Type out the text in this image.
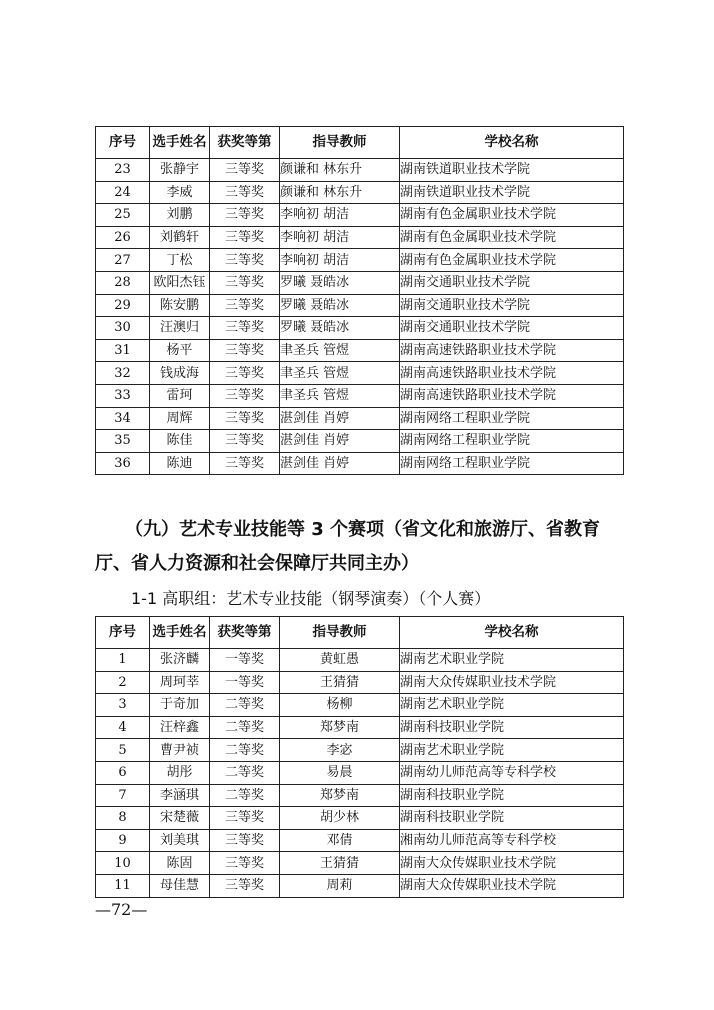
序号	选手姓名	获奖等第	指导教师	学校名称
23	张静宇	三等奖	颜谦和 林东升	湖南铁道职业技术学院
24	李威	三等奖	颜谦和 林东升	湖南铁道职业技术学院
25	刘鹏	三等奖	李响初 胡洁	湖南有色金属职业技术学院
26	刘鹤轩	三等奖	李响初 胡洁	湖南有色金属职业技术学院
27	丁松	三等奖	李响初 胡洁	湖南有色金属职业技术学院
28	欧阳杰钰	三等奖	罗曦 聂皓冰	湖南交通职业技术学院
29	陈安鹏	三等奖	罗曦 聂皓冰	湖南交通职业技术学院
30	汪澳归	三等奖	罗曦 聂皓冰	湖南交通职业技术学院
31	杨平	三等奖	聿圣兵 管煜	湖南高速铁路职业技术学院
32	钱成海	三等奖	聿圣兵 管煜	湖南高速铁路职业技术学院
33	雷珂	三等奖	聿圣兵 管煜	湖南高速铁路职业技术学院
34	周辉	三等奖	湛剑佳 肖婷	湖南网络工程职业学院
35	陈佳	三等奖	湛剑佳 肖婷	湖南网络工程职业学院
36	陈迪	三等奖	湛剑佳 肖婷	湖南网络工程职业学院

（九）艺术专业技能等 3 个赛项（省文化和旅游厅、省教育厅、省人力资源和社会保障厅共同主办）

1-1 高职组：艺术专业技能（钢琴演奏）（个人赛）

序号	选手姓名	获奖等第	指导教师	学校名称
1	张济麟	一等奖	黄虹愚	湖南艺术职业学院
2	周珂莘	一等奖	王猜猜	湖南大众传媒职业技术学院
3	于奇加	二等奖	杨柳	湖南艺术职业学院
4	汪梓鑫	二等奖	郑梦南	湖南科技职业学院
5	曹尹祯	二等奖	李宓	湖南艺术职业学院
6	胡彤	二等奖	易晨	湖南幼儿师范高等专科学校
7	李涵琪	二等奖	郑梦南	湖南科技职业学院
8	宋楚薇	三等奖	胡少林	湖南科技职业学院
9	刘美琪	三等奖	邓倩	湘南幼儿师范高等专科学校
10	陈固	三等奖	王猜猜	湖南大众传媒职业技术学院
11	母佳慧	三等奖	周莉	湖南大众传媒职业技术学院
—72—
